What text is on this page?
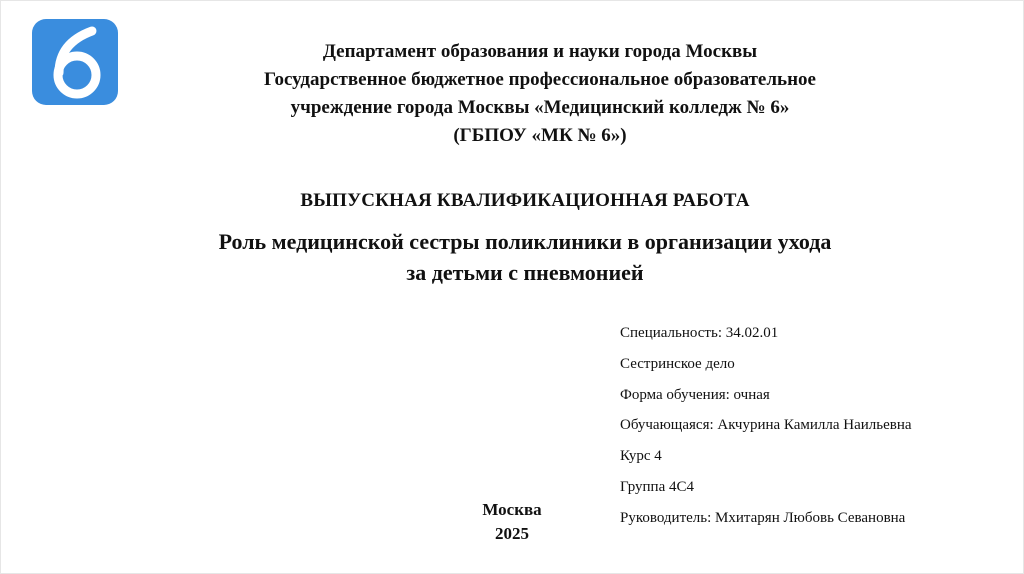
Департамент образования и науки города Москвы
Государственное бюджетное профессиональное образовательное
учреждение города Москвы «Медицинский колледж № 6»
(ГБПОУ «МК № 6»)
ВЫПУСКНАЯ КВАЛИФИКАЦИОННАЯ РАБОТА
Роль медицинской сестры поликлиники в организации ухода
за детьми с пневмонией
Специальность: 34.02.01
Сестринское дело
Форма обучения: очная
Обучающаяся: Акчурина Камилла Наильевна
Курс 4
Группа 4С4
Руководитель: Мхитарян Любовь Севановна
Москва
2025
